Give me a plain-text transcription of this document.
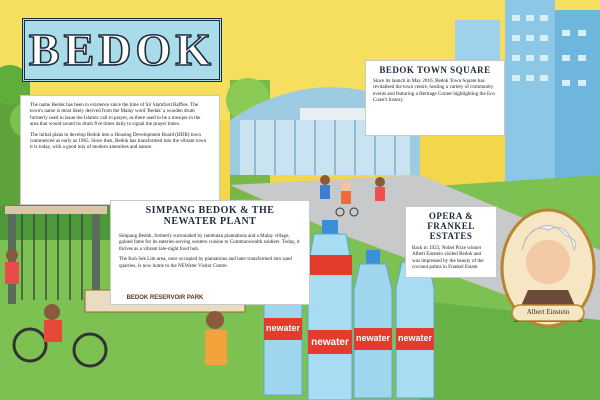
BEDOK

The name Bedok has been in existence since the time of Sir Stamford Raffles. The town's name is most likely derived from the Malay word 'Beduk' a wooden drum formerly used to issue the Islamic call to prayer, as there used to be a mosque in the area that would sound its drum five times daily to signal the prayer times.

The initial plans to develop Bedok into a Housing Development Board (HDB) town commenced as early as 1965. Since then, Bedok has transformed into the vibrant town it is today, with a good mix of modern amenities and nature.

BEDOK TOWN SQUARE

Since its launch in May 2016, Bedok Town Square has revitalised the town centre, hosting a variety of community events and featuring a Heritage Corner highlighting the Eco Coast's history.

SIMPANG BEDOK & THE NEWATER PLANT

Simpang Bedok, formerly surrounded by rambutan plantations and a Malay village, gained fame for its eateries serving western cuisine to Commonwealth soldiers. Today, it thrives as a vibrant late-night food hub.

The Koh Sek Lim area, once occupied by plantations and later transformed into sand quarries, is now home to the NEWater Visitor Centre.

OPERA & FRANKEL ESTATES

Back in 1923, Nobel Prize winner Albert Einstein visited Bedok and was impressed by the beauty of the coconut palms in Frankel Estate.

BEDOK RESERVOIR PARK
newater
newater newater newater
Albert Einstein
